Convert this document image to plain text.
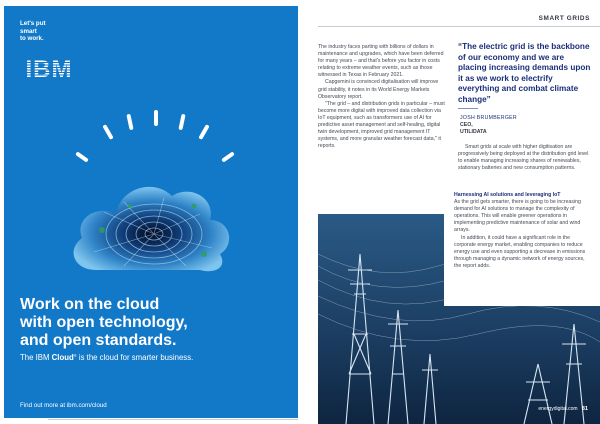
Let's put
smart
to work.

Work on the cloud
with open technology,
and open standards.

The IBM Cloud® is the cloud for smarter business.

Find out more at ibm.com/cloud

SMART GRIDS

The industry faces parting with billions of dollars in maintenance and upgrades, which have been deferred for many years – and that's before you factor in costs relating to extreme weather events, such as those witnessed in Texas in February 2021.

Capgemini is convinced digitalisation will improve grid stability, it notes in its World Energy Markets Observatory report.

"The grid – and distribution grids in particular – must become more digital with improved data collection via IoT equipment, such as transformers use of AI for predictive asset management and self-healing, digital twin development, improved grid management IT systems, and more granular weather forecast data," it reports.

“The electric grid is the backbone of our economy and we are placing increasing demands upon it as we work to electrify everything and combat climate change”

JOSH BRUMBERGER

CEO,

UTILIDATA

Smart grids at scale with higher digitisation are progressively being deployed at the distribution grid level to enable managing increasing shares of renewables, stationary batteries and new consumption patterns.

Harnessing AI solutions and leveraging IoT

As the grid gets smarter, there is going to be increasing demand for AI solutions to manage the complexity of operations. This will enable greener operations in implementing predictive maintenance of solar and wind arrays.

In addition, it could have a significant role in the corporate energy market, enabling companies to reduce energy use and even supporting a decrease in emissions through managing a dynamic network of energy sources, the report adds.

energydigital.com 81
